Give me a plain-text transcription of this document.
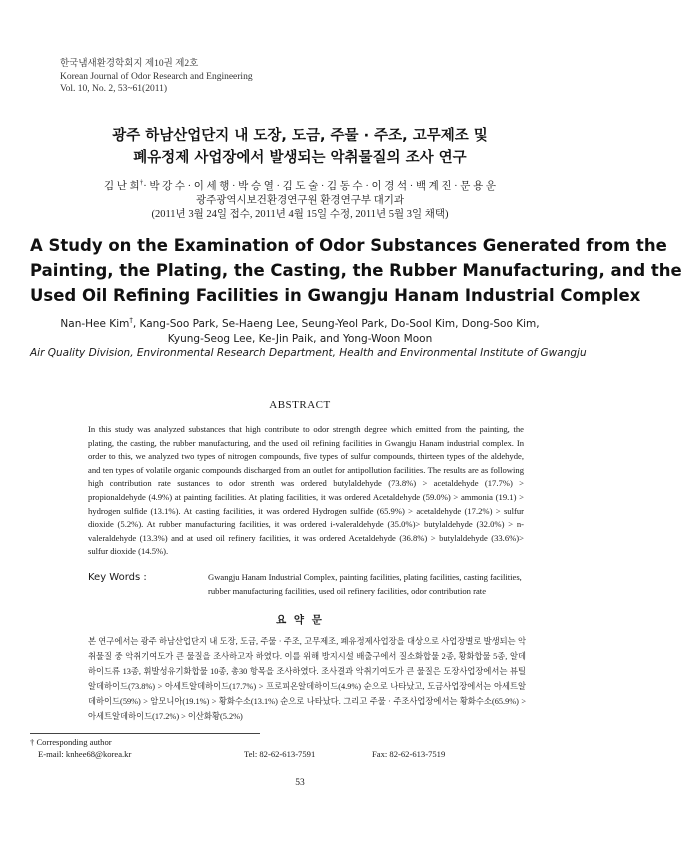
한국냄새환경학회지 제10권 제2호
Korean Journal of Odor Research and Engineering
Vol. 10, No. 2, 53~61(2011)
광주 하남산업단지 내 도장, 도금, 주물 · 주조, 고무제조 및
폐유정제 사업장에서 발생되는 악취물질의 조사 연구
김 난 희†· 박 강 수 · 이 세 행 · 박 승 열 · 김 도 술 · 김 동 수 · 이 경 석 · 백 계 진 · 문 용 운
광주광역시보건환경연구원 환경연구부 대기과
(2011년 3월 24일 접수, 2011년 4월 15일 수정, 2011년 5월 3일 채택)
A Study on the Examination of Odor Substances Generated from the
Painting, the Plating, the Casting, the Rubber Manufacturing, and the
Used Oil Refining Facilities in Gwangju Hanam Industrial Complex
Nan-Hee Kim†, Kang-Soo Park, Se-Haeng Lee, Seung-Yeol Park, Do-Sool Kim, Dong-Soo Kim,
Kyung-Seog Lee, Ke-Jin Paik, and Yong-Woon Moon
Air Quality Division, Environmental Research Department, Health and Environmental Institute of Gwangju
ABSTRACT
In this study was analyzed substances that high contribute to odor strength degree which emitted from the painting, the plating, the casting, the rubber manufacturing, and the used oil refining facilities in Gwangju Hanam industrial complex. In order to this, we analyzed two types of nitrogen compounds, five types of sulfur compounds, thirteen types of the aldehyde, and ten types of volatile organic compounds discharged from an outlet for antipollution facilities. The results are as following high contribution rate sustances to odor strenth was ordered butylaldehyde (73.8%) > acetaldehyde (17.7%) > propionaldehyde (4.9%) at painting facilities. At plating facilities, it was ordered Acetaldehyde (59.0%) > ammonia (19.1) > hydrogen sulfide (13.1%). At casting facilities, it was ordered Hydrogen sulfide (65.9%) > acetaldehyde (17.2%) > sulfur dioxide (5.2%). At rubber manufacturing facilities, it was ordered i-valeraldehyde (35.0%)> butylaldehyde (32.0%) > n-valeraldehyde (13.3%) and at used oil refinery facilities, it was ordered Acetaldehyde (36.8%) > butylaldehyde (33.6%)> sulfur dioxide (14.5%).
Key Words :	Gwangju Hanam Industrial Complex, painting facilities, plating facilities, casting facilities, rubber manufacturing facilities, used oil refinery facilities, odor contribution rate
요 약 문
본 연구에서는 광주 하남산업단지 내 도장, 도금, 주물 · 주조, 고무제조, 폐유정제사업장을 대상으로 사업장별로 발생되는 악취물질 중 악취기여도가 큰 물질을 조사하고자 하였다. 이를 위해 방지시설 배출구에서 질소화합물 2종, 황화합물 5종, 알데하이드류 13종, 휘발성유기화합물 10종, 총30 항목을 조사하였다. 조사결과 악취기여도가 큰 물질은 도장사업장에서는 뷰틸알데하이드(73.8%) > 아세트알데하이드(17.7%) > 프로피온알데하이드(4.9%) 순으로 나타났고, 도금사업장에서는 아세트알데하이드(59%) > 암모니아(19.1%) > 황화수소(13.1%) 순으로 나타났다. 그리고 주물 · 주조사업장에서는 황화수소(65.9%) > 아세트알데하이드(17.2%) > 이산화황(5.2%)
† Corresponding author
E-mail: knhee68@korea.kr	Tel: 82-62-613-7591	Fax: 82-62-613-7519
53
